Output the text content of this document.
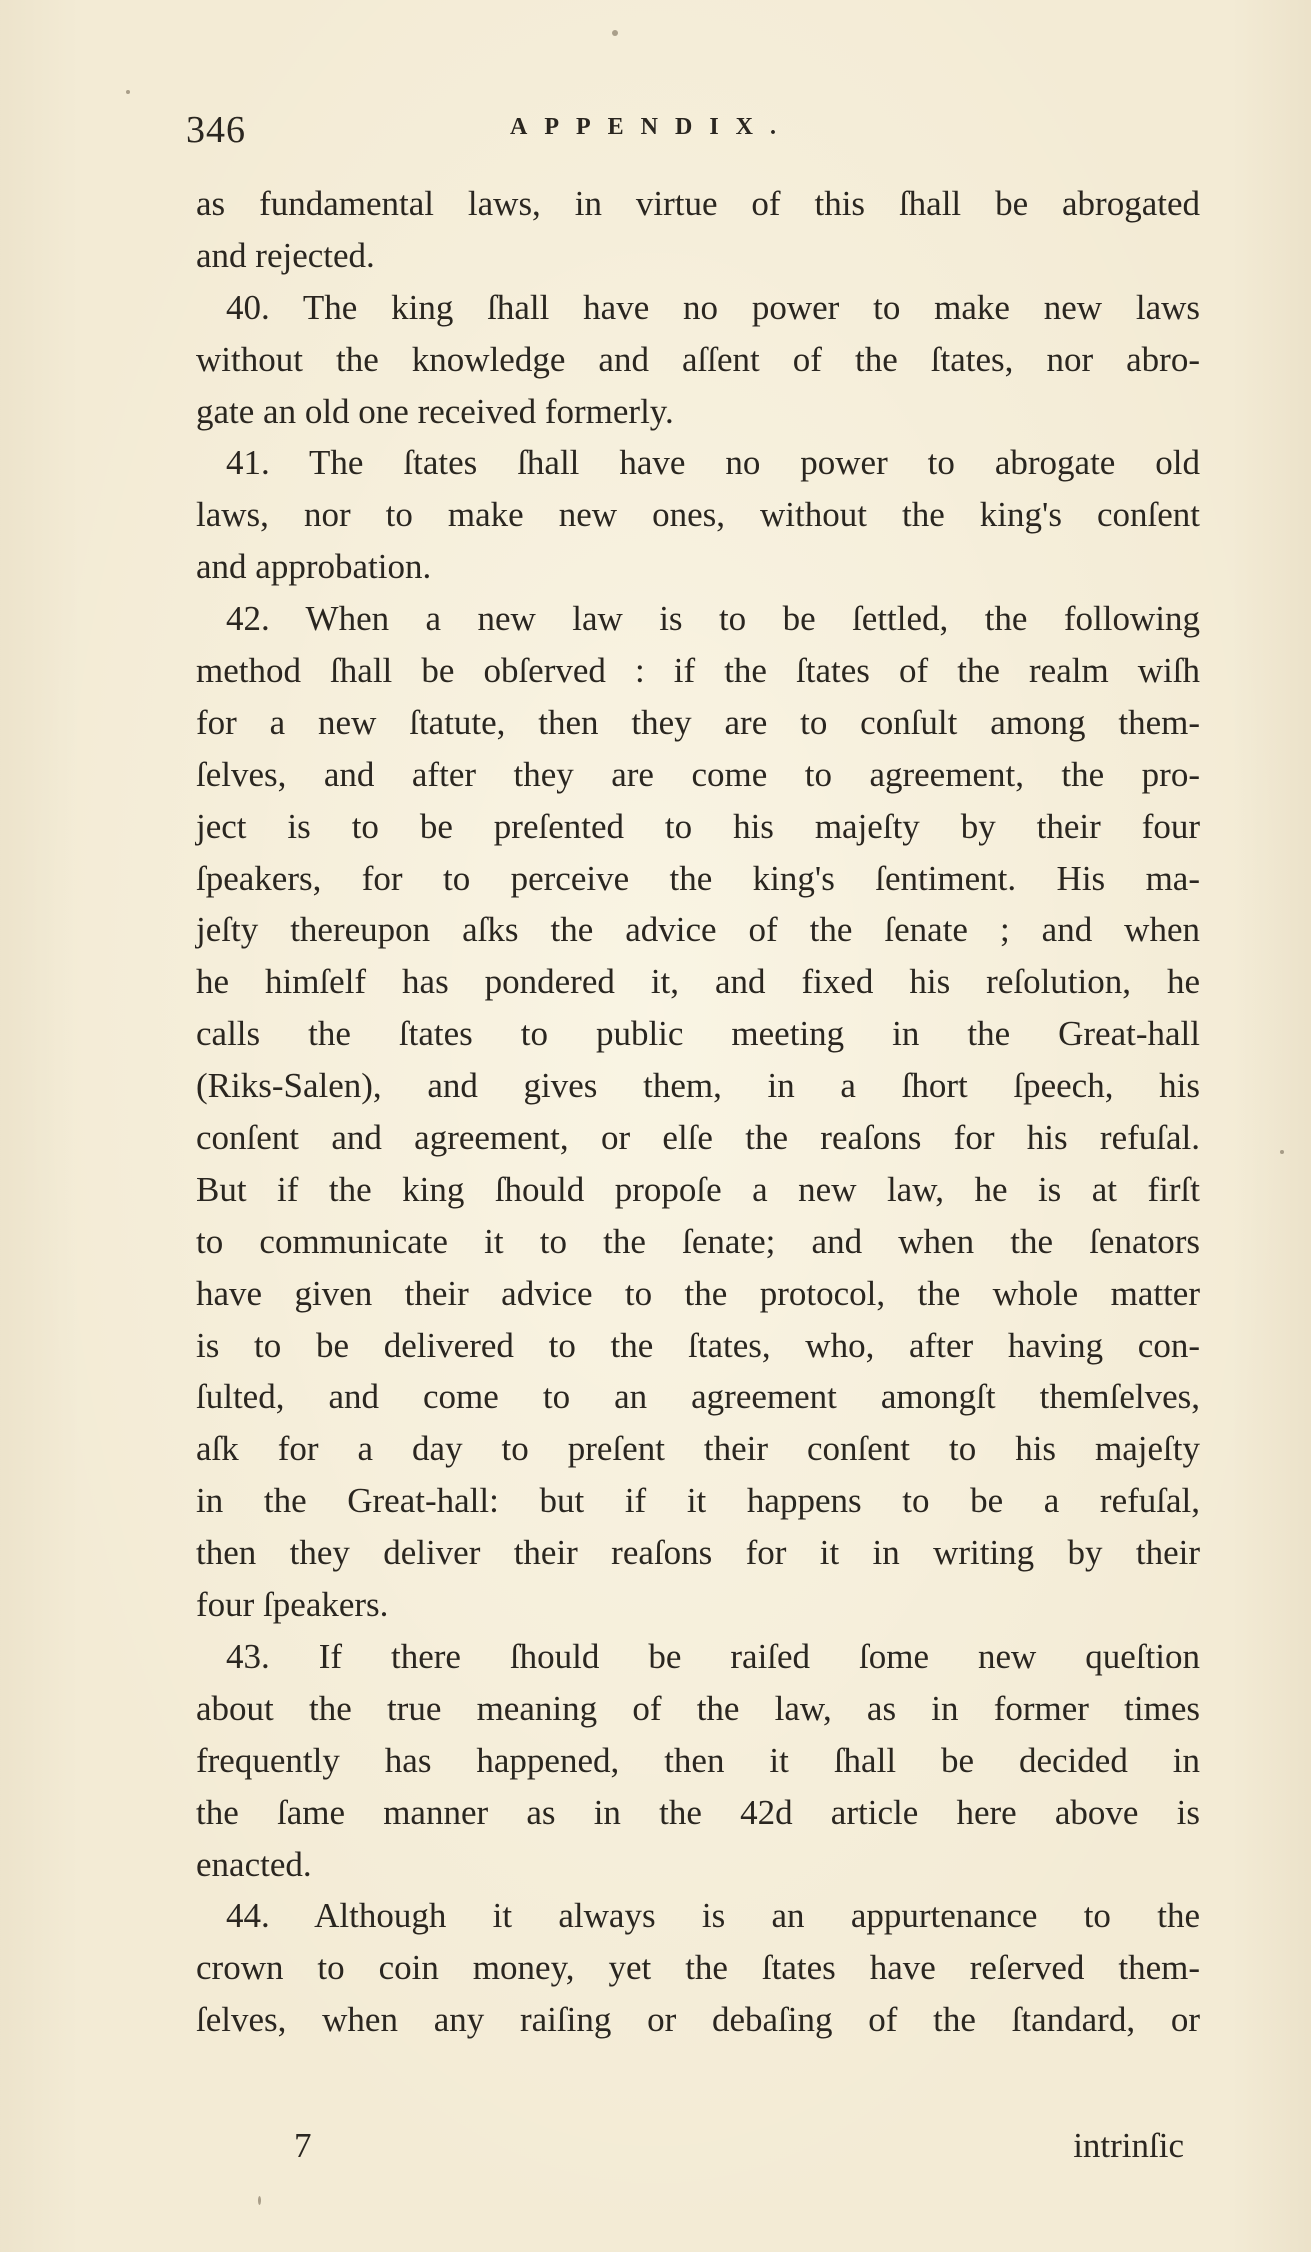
346	APPENDIX.
as fundamental laws, in virtue of this ſhall be abrogated
and rejected.
40. The king ſhall have no power to make new laws
without the knowledge and aſſent of the ſtates, nor abro-
gate an old one received formerly.
41. The ſtates ſhall have no power to abrogate old
laws, nor to make new ones, without the king's conſent
and approbation.
42. When a new law is to be ſettled, the following
method ſhall be obſerved : if the ſtates of the realm wiſh
for a new ſtatute, then they are to conſult among them-
ſelves, and after they are come to agreement, the pro-
ject is to be preſented to his majeſty by their four
ſpeakers, for to perceive the king's ſentiment. His ma-
jeſty thereupon aſks the advice of the ſenate ; and when
he himſelf has pondered it, and fixed his reſolution, he
calls the ſtates to public meeting in the Great-hall
(Riks-Salen), and gives them, in a ſhort ſpeech, his
conſent and agreement, or elſe the reaſons for his refuſal.
But if the king ſhould propoſe a new law, he is at firſt
to communicate it to the ſenate; and when the ſenators
have given their advice to the protocol, the whole matter
is to be delivered to the ſtates, who, after having con-
ſulted, and come to an agreement amongſt themſelves,
aſk for a day to preſent their conſent to his majeſty
in the Great-hall: but if it happens to be a refuſal,
then they deliver their reaſons for it in writing by their
four ſpeakers.
43. If there ſhould be raiſed ſome new queſtion
about the true meaning of the law, as in former times
frequently has happened, then it ſhall be decided in
the ſame manner as in the 42d article here above is
enacted.
44. Although it always is an appurtenance to the
crown to coin money, yet the ſtates have reſerved them-
ſelves, when any raiſing or debaſing of the ſtandard, or
7	intrinſic
